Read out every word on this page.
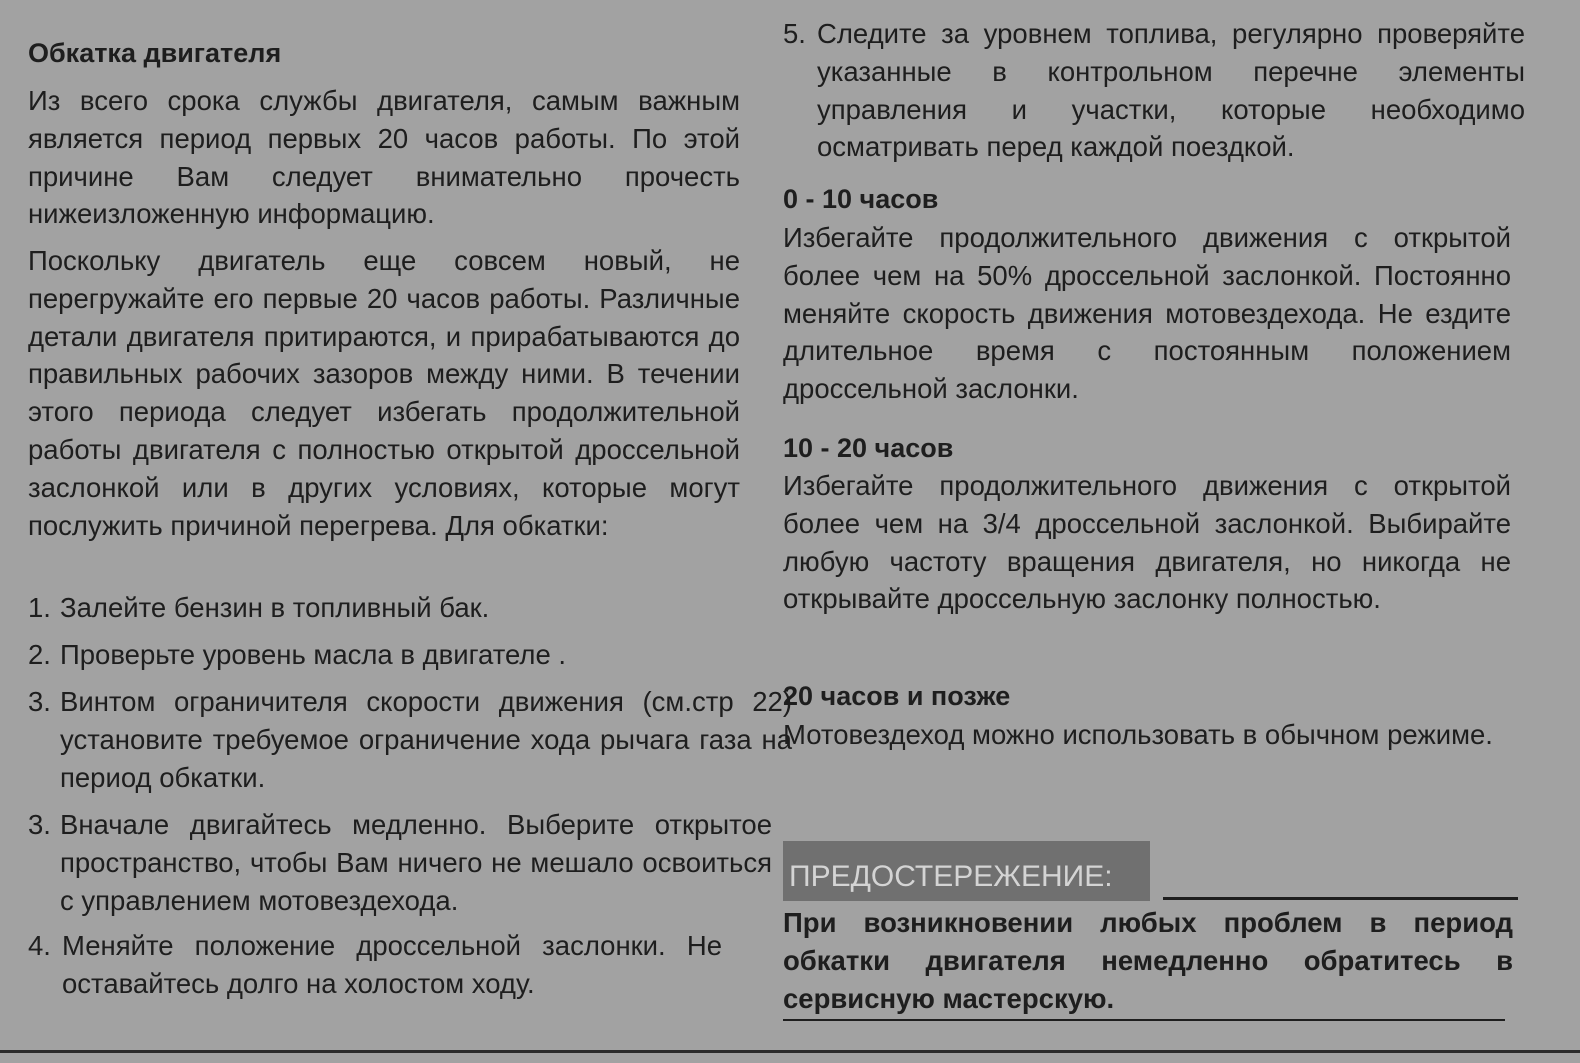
Обкатка двигателя

Из всего срока службы двигателя, самым важным является период первых 20 часов работы. По этой причине Вам следует внимательно прочесть нижеизложенную информацию.

Поскольку двигатель еще совсем новый, не перегружайте его первые 20 часов работы. Различные детали двигателя притираются, и прирабатываются до правильных рабочих зазоров между ними. В течении этого периода следует избегать продолжительной работы двигателя с полностью открытой дроссельной заслонкой или в других условиях, которые могут послужить причиной перегрева. Для обкатки:

1. Залейте бензин в топливный бак.
2. Проверьте уровень масла в двигателе .
3. Винтом ограничителя скорости движения (см.стр 22) установите требуемое ограничение хода рычага газа на период обкатки.
3. Вначале двигайтесь медленно. Выберите открытое пространство, чтобы Вам ничего не мешало освоиться с управлением мотовездехода.
4. Меняйте положение дроссельной заслонки. Не оставайтесь долго на холостом ходу.
5. Следите за уровнем топлива, регулярно проверяйте указанные в контрольном перечне элементы управления и участки, которые необходимо осматривать перед каждой поездкой.
0 - 10 часов

Избегайте продолжительного движения с открытой более чем на 50% дроссельной заслонкой. Постоянно меняйте скорость движения мотовездехода. Не ездите длительное время с постоянным положением дроссельной заслонки.

10 - 20 часов

Избегайте продолжительного движения с открытой более чем на 3/4 дроссельной заслонкой. Выбирайте любую частоту вращения двигателя, но никогда не открывайте дроссельную заслонку полностью.

20 часов и позже

Мотовездеход можно использовать в обычном режиме.

ПРЕДОСТЕРЕЖЕНИЕ:

При возникновении любых проблем в период обкатки двигателя немедленно обратитесь в сервисную мастерскую.
